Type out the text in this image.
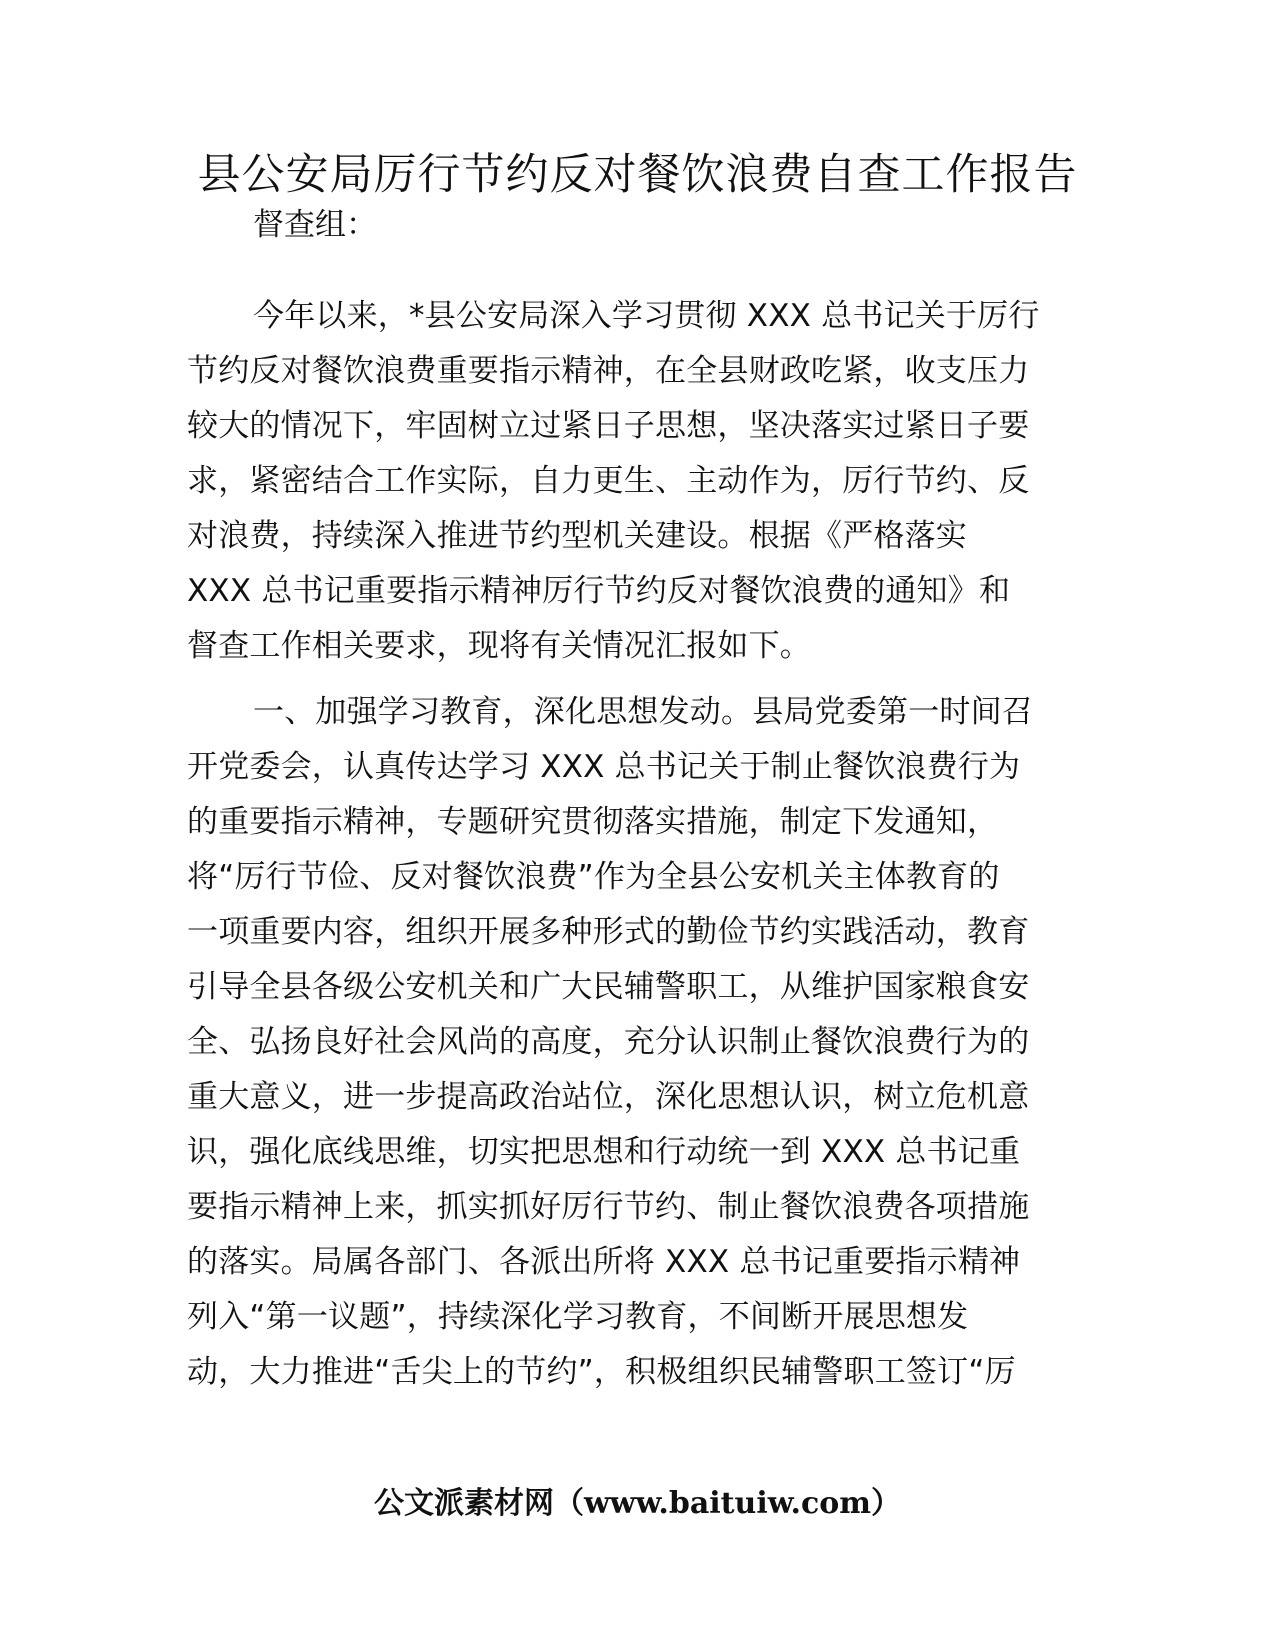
县公安局厉行节约反对餐饮浪费自查工作报告
督查组：
今年以来，*县公安局深入学习贯彻 XXX 总书记关于厉行
节约反对餐饮浪费重要指示精神，在全县财政吃紧，收支压力
较大的情况下，牢固树立过紧日子思想，坚决落实过紧日子要
求，紧密结合工作实际，自力更生、主动作为，厉行节约、反
对浪费，持续深入推进节约型机关建设。根据《严格落实
XXX 总书记重要指示精神厉行节约反对餐饮浪费的通知》和
督查工作相关要求，现将有关情况汇报如下。
一、加强学习教育，深化思想发动。县局党委第一时间召
开党委会，认真传达学习 XXX 总书记关于制止餐饮浪费行为
的重要指示精神，专题研究贯彻落实措施，制定下发通知，
将“厉行节俭、反对餐饮浪费”作为全县公安机关主体教育的
一项重要内容，组织开展多种形式的勤俭节约实践活动，教育
引导全县各级公安机关和广大民辅警职工，从维护国家粮食安
全、弘扬良好社会风尚的高度，充分认识制止餐饮浪费行为的
重大意义，进一步提高政治站位，深化思想认识，树立危机意
识，强化底线思维，切实把思想和行动统一到 XXX 总书记重
要指示精神上来，抓实抓好厉行节约、制止餐饮浪费各项措施
的落实。局属各部门、各派出所将 XXX 总书记重要指示精神
列入“第一议题”，持续深化学习教育，不间断开展思想发
动，大力推进“舌尖上的节约”，积极组织民辅警职工签订“厉
公文派素材网（www.baituiw.com）
